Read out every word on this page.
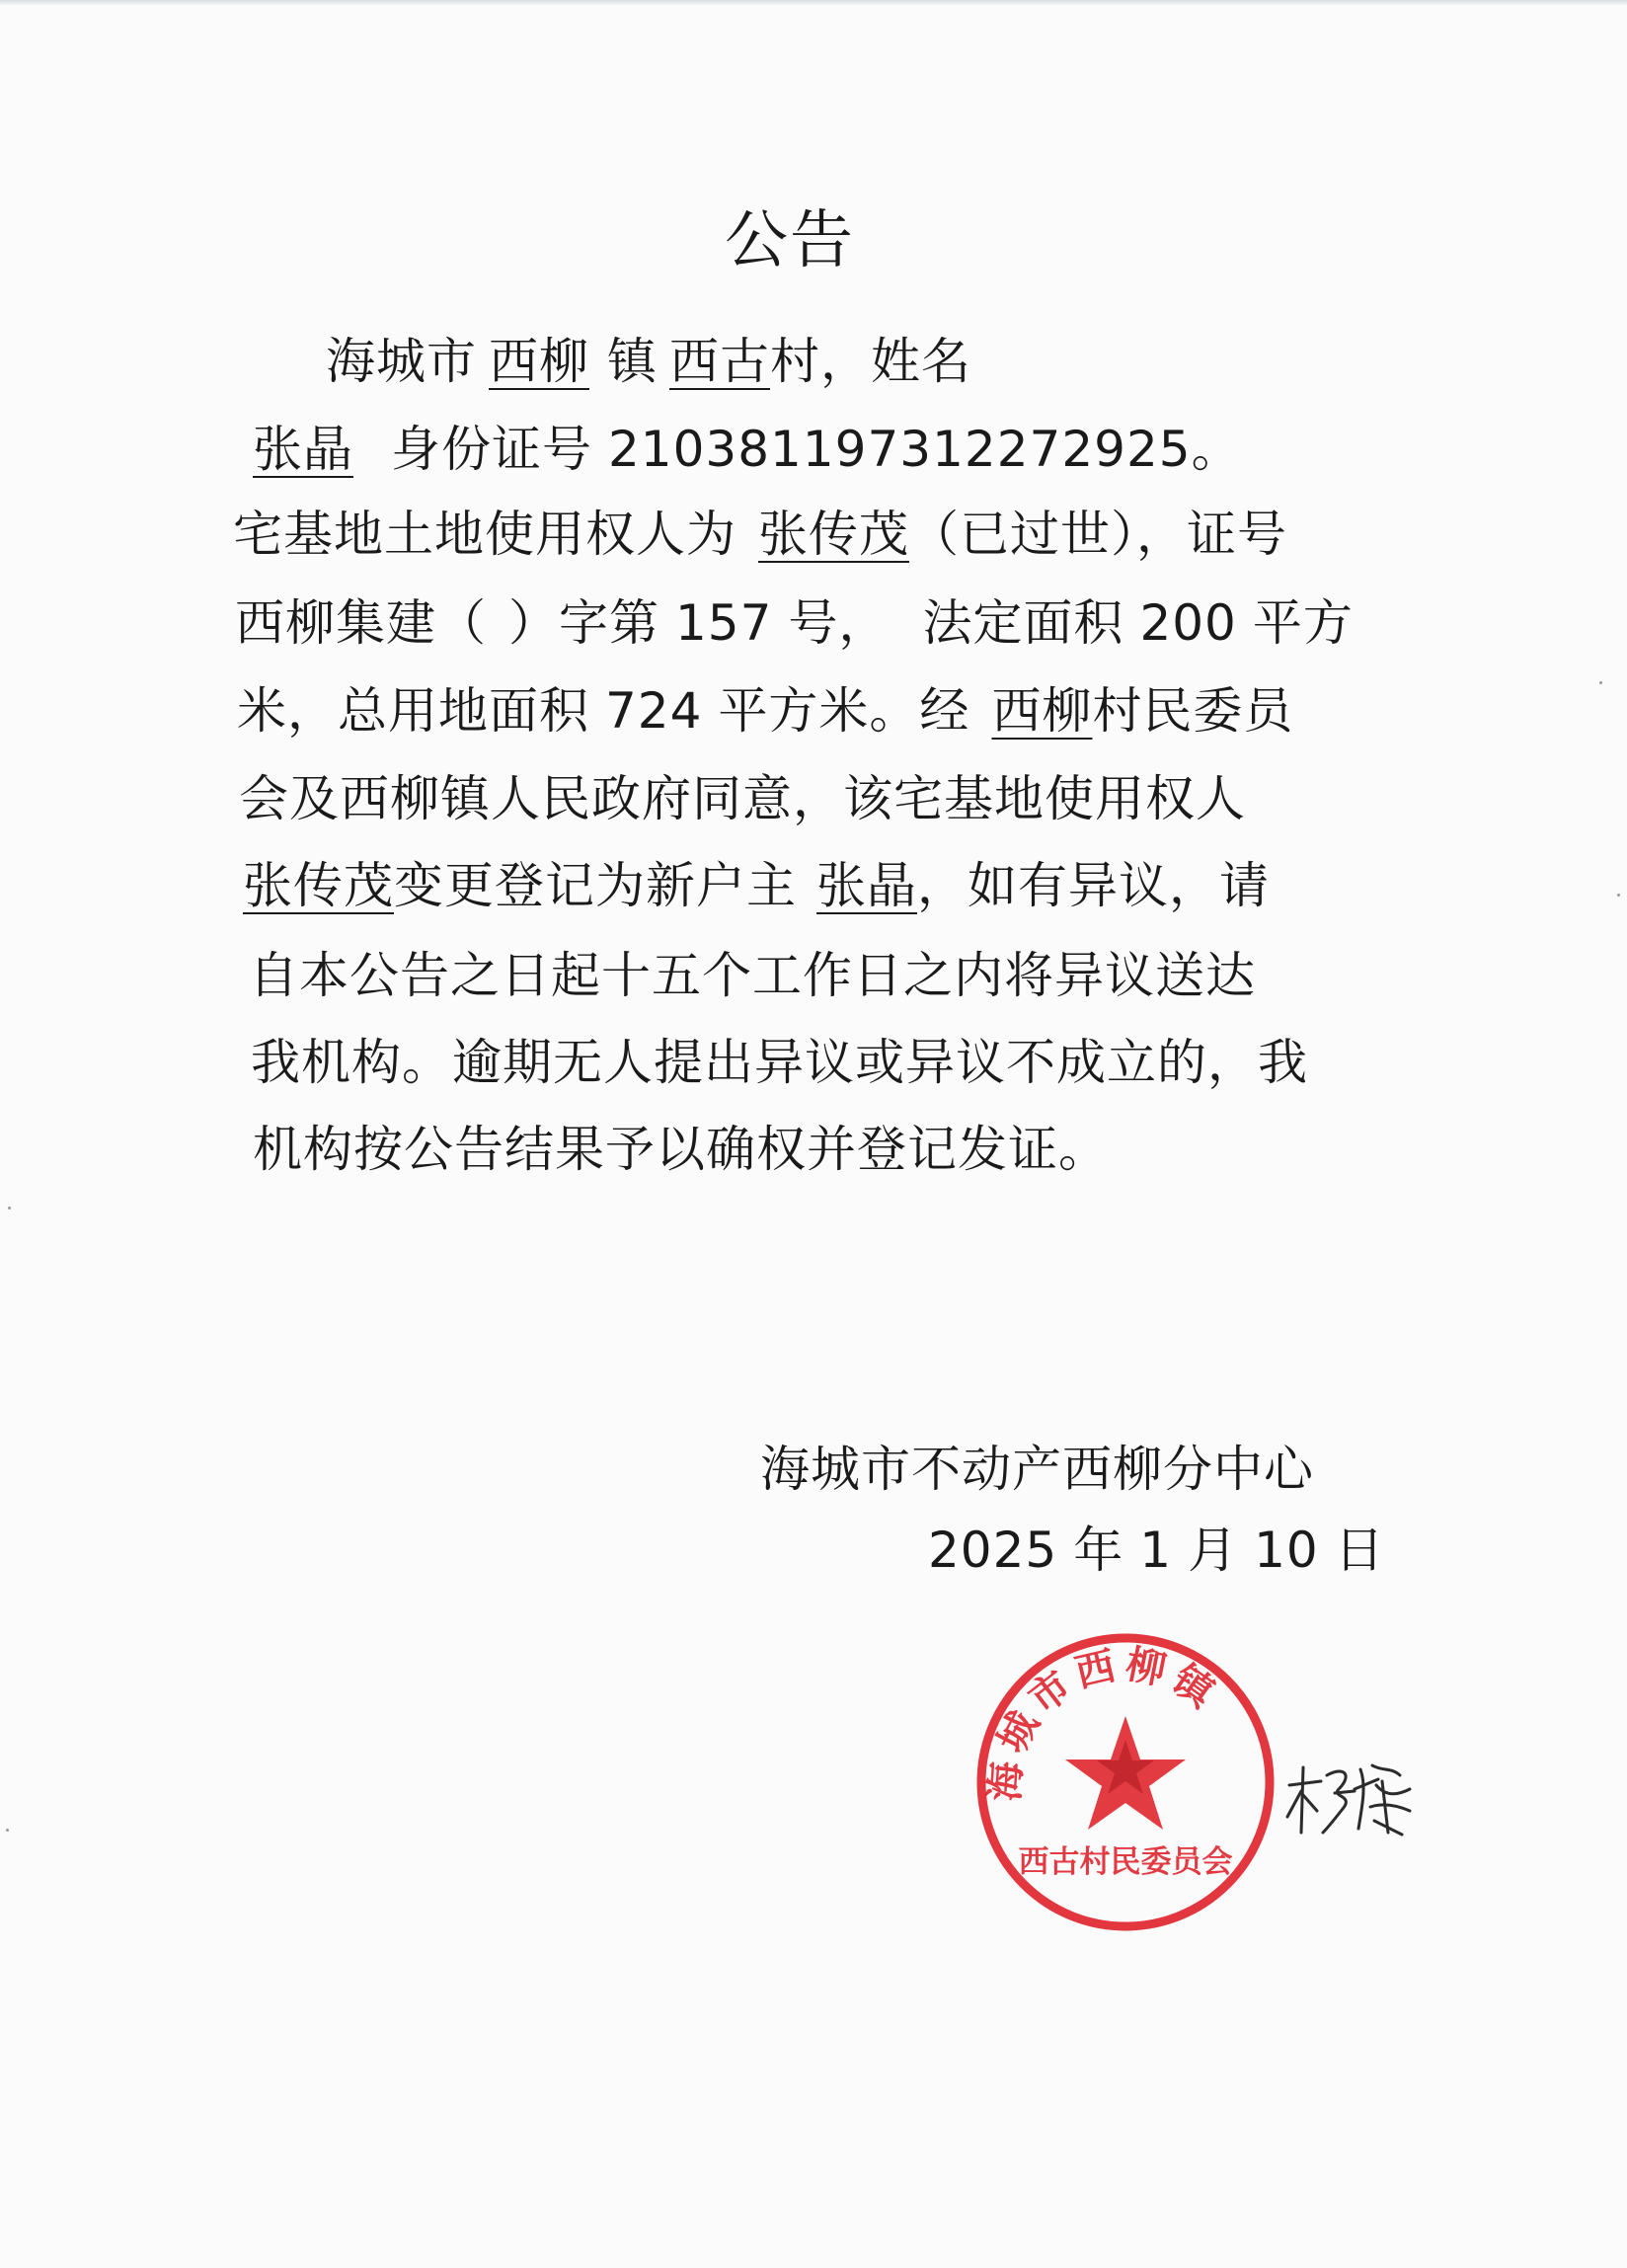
公告
海城市 西柳 镇 西古村，姓名
张晶 身份证号 210381197312272925。
宅基地土地使用权人为 张传茂（已过世），证号
西柳集建（ ）字第 157 号， 法定面积 200 平方
米，总用地面积 724 平方米。经 西柳村民委员
会及西柳镇人民政府同意，该宅基地使用权人
张传茂变更登记为新户主 张晶，如有异议，请
自本公告之日起十五个工作日之内将异议送达
我机构。逾期无人提出异议或异议不成立的，我
机构按公告结果予以确权并登记发证。
海城市不动产西柳分中心
2025 年 1 月 10 日
海城市西柳镇
西古村民委员会
